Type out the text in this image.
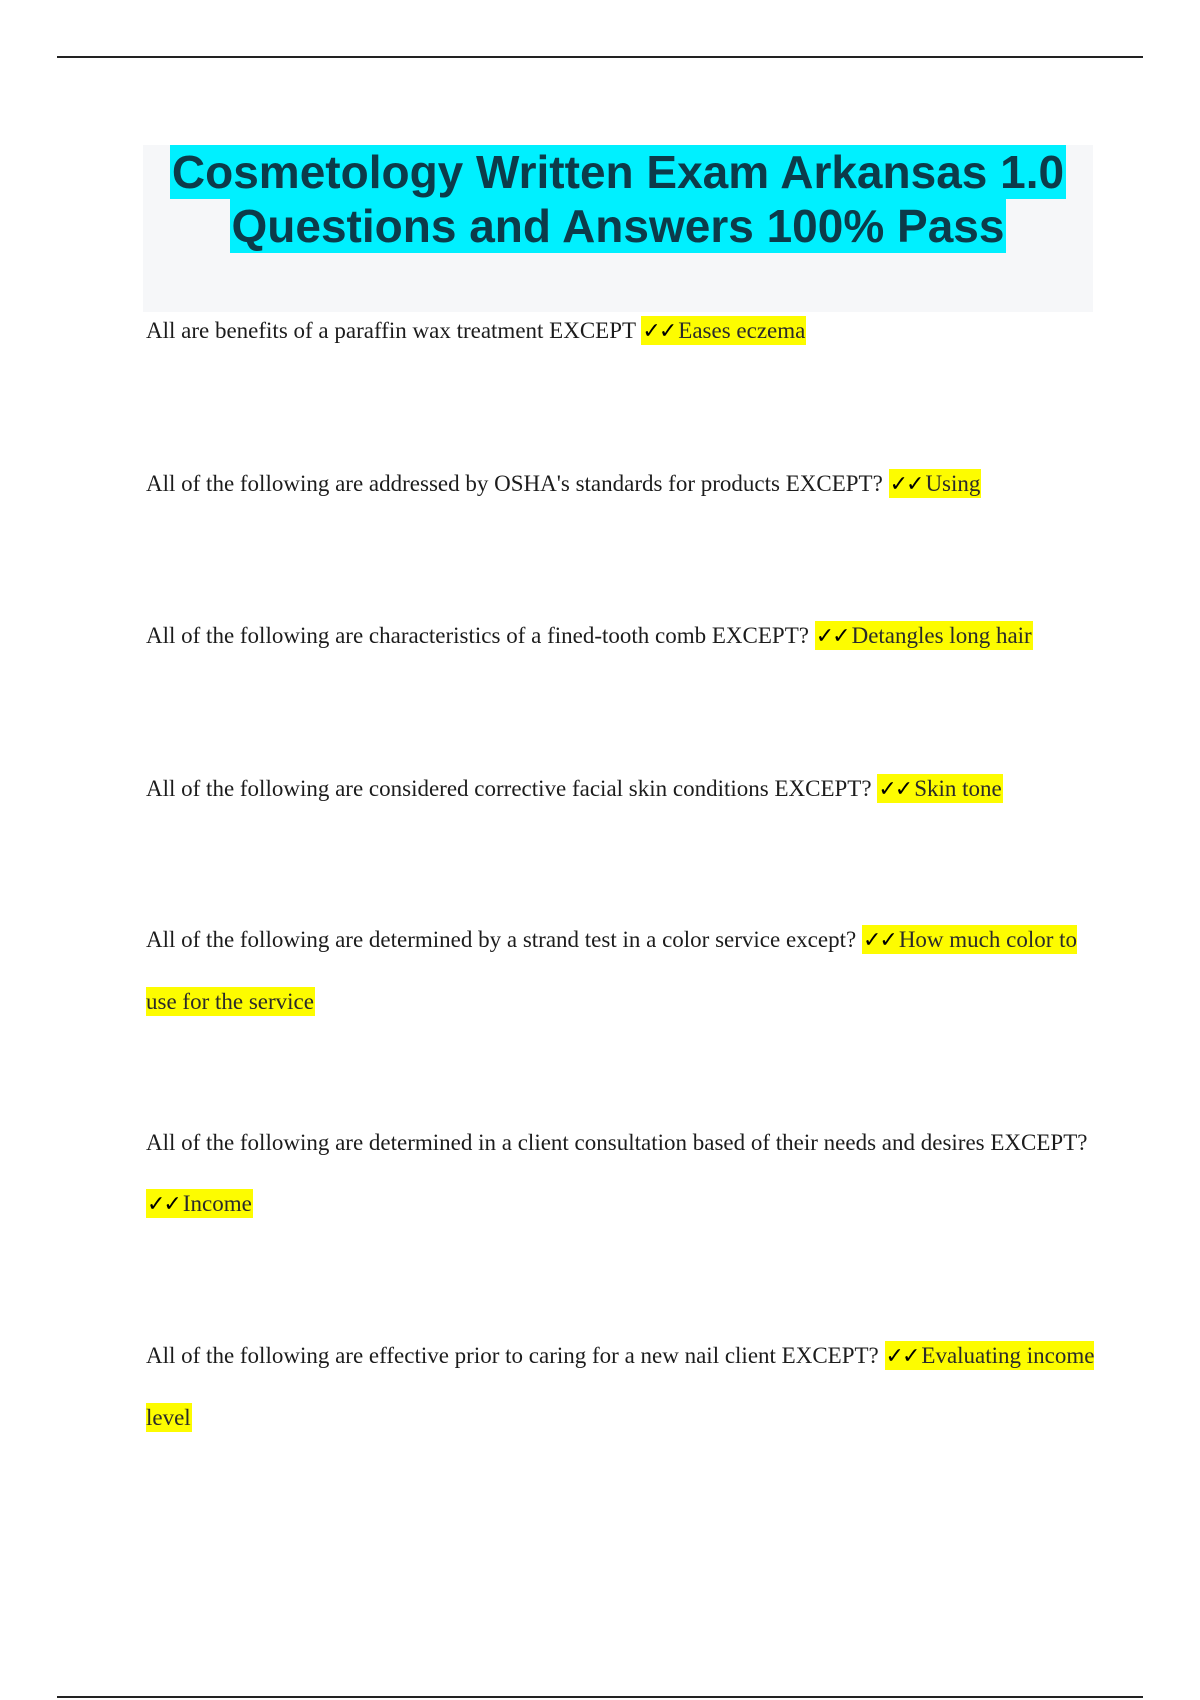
Cosmetology Written Exam Arkansas 1.0
Questions and Answers 100% Pass

All are benefits of a paraffin wax treatment EXCEPT ✓✓ Eases eczema

All of the following are addressed by OSHA's standards for products EXCEPT? ✓✓ Using

All of the following are characteristics of a fined-tooth comb EXCEPT? ✓✓ Detangles long hair

All of the following are considered corrective facial skin conditions EXCEPT? ✓✓ Skin tone

All of the following are determined by a strand test in a color service except? ✓✓ How much color to use for the service

All of the following are determined in a client consultation based of their needs and desires EXCEPT? ✓✓ Income

All of the following are effective prior to caring for a new nail client EXCEPT? ✓✓ Evaluating income level
